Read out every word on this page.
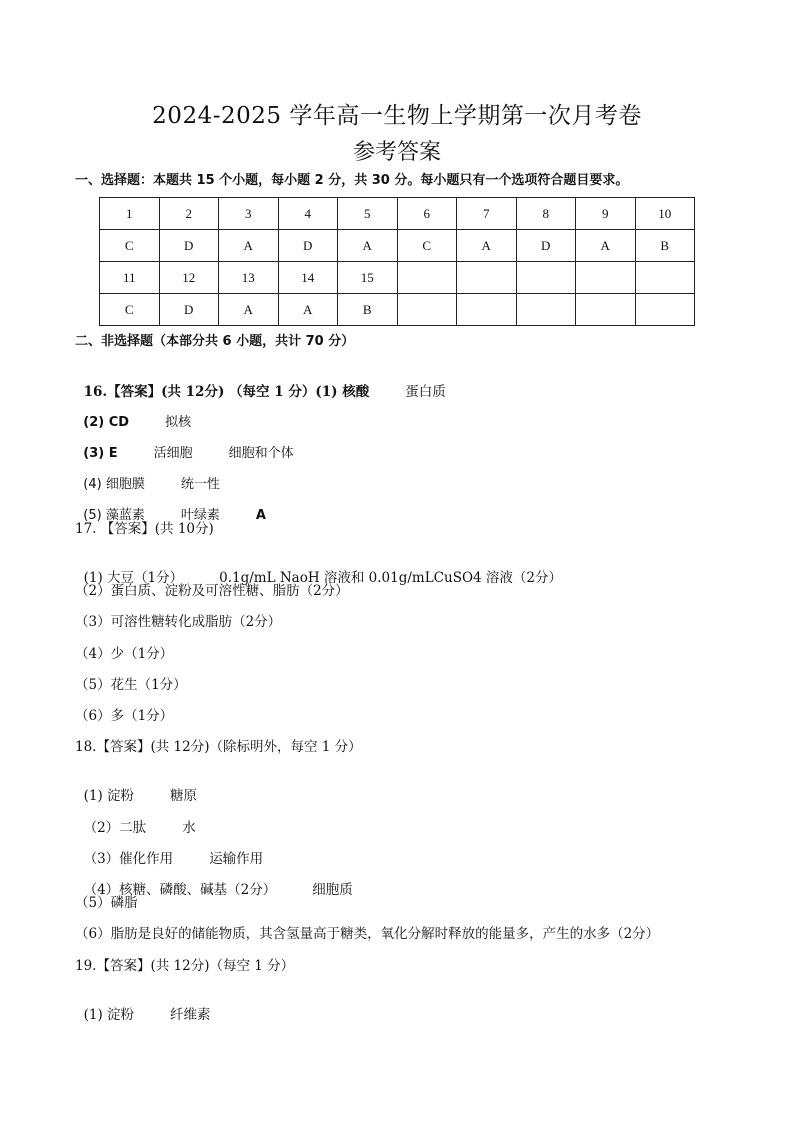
2024-2025 学年高一生物上学期第一次月考卷
参考答案
一、选择题：本题共 15 个小题，每小题 2 分，共 30 分。每小题只有一个选项符合题目要求。
1	2	3	4	5	6	7	8	9	10
C	D	A	D	A	C	A	D	A	B
11	12	13	14	15					
C	D	A	A	B					
二、非选择题（本部分共 6 小题，共计 70 分）

16.【答案】(共 12分) （每空 1 分）(1) 核酸	蛋白质

(2) CD	拟核

(3) E	活细胞	细胞和个体

(4) 细胞膜	统一性

(5) 藻蓝素	叶绿素	A

17. 【答案】(共 10分)

(1) 大豆（1分）	0.1g/mL NaoH 溶液和 0.01g/mLCuSO4 溶液（2分）

（2）蛋白质、淀粉及可溶性糖、脂肪（2分）
（3）可溶性糖转化成脂肪（2分）
（4）少（1分）
（5）花生（1分）
（6）多（1分）
18.【答案】(共 12分)（除标明外，每空 1 分）

(1) 淀粉	糖原

（2）二肽	水

（3）催化作用	运输作用

（4）核糖、磷酸、碱基（2分）	细胞质

（5）磷脂
（6）脂肪是良好的储能物质，其含氢量高于糖类，氧化分解时释放的能量多，产生的水多（2分）
19.【答案】(共 12分)（每空 1 分）

(1) 淀粉	纤维素
